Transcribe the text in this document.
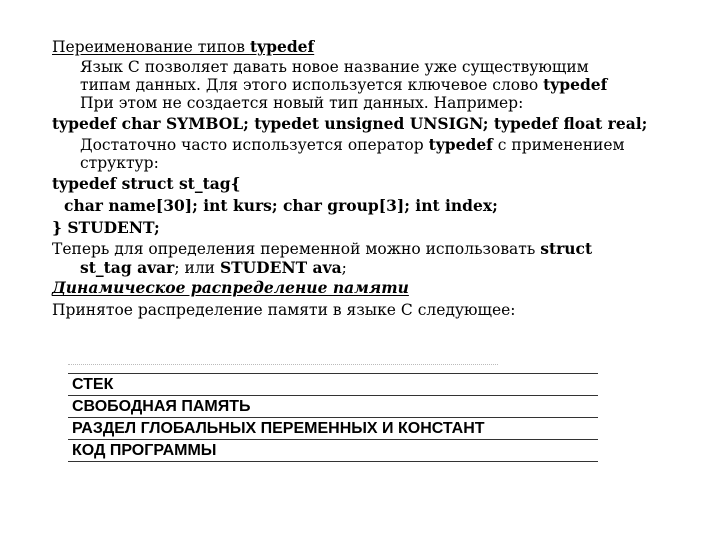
Переименование типов typedef
Язык С позволяет давать новое название уже существующим
типам данных. Для этого используется ключевое слово typedef
При этом не создается новый тип данных. Например:
typedef char SYMBOL; typedet unsigned UNSIGN; typedef float real;
Достаточно часто используется оператор typedef с применением
структур:
typedef struct st_tag{
char name[30]; int kurs; char group[3]; int index;
} STUDENT;
Теперь для определения переменной можно использовать struct
st_tag avar; или STUDENT ava;
Динамическое распределение памяти
Принятое распределение памяти в языке С следующее:
СТЕК
СВОБОДНАЯ ПАМЯТЬ
РАЗДЕЛ ГЛОБАЛЬНЫХ ПЕРЕМЕННЫХ И КОНСТАНТ
КОД ПРОГРАММЫ
